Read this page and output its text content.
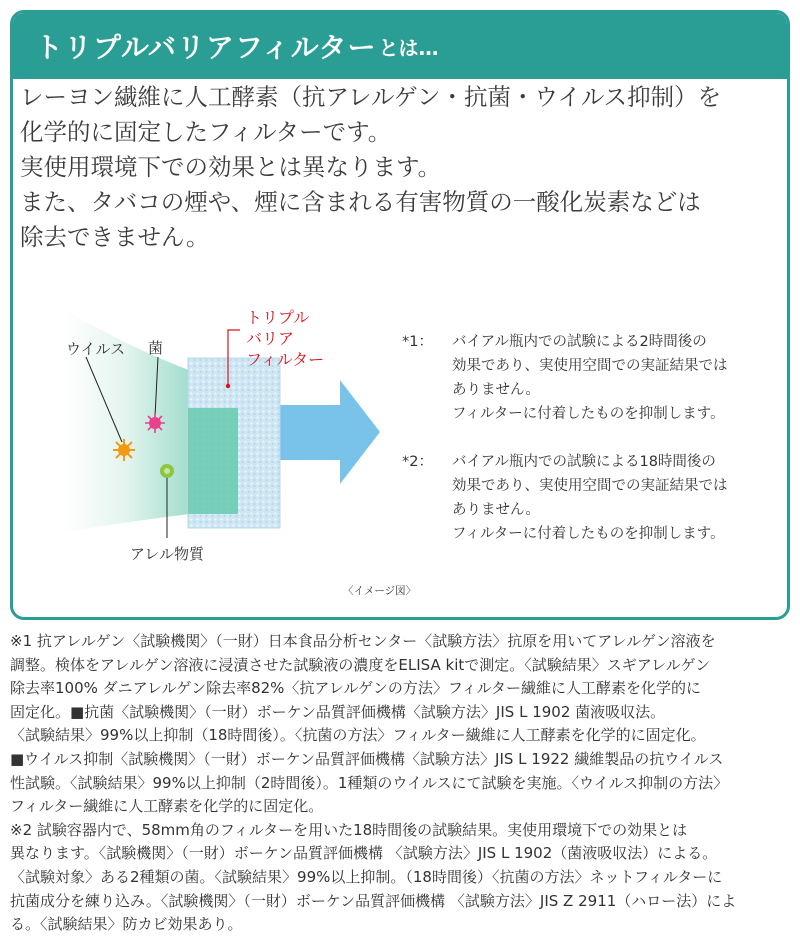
トリプルバリアフィルター とは…
レーヨン繊維に人工酵素（抗アレルゲン・抗菌・ウイルス抑制）を
化学的に固定したフィルターです。
実使用環境下での効果とは異なります。
また、タバコの煙や、煙に含まれる有害物質の一酸化炭素などは
除去できません。
ウイルス 菌
アレル物質
トリプル
バリア
フィルター
*1：	バイアル瓶内での試験による2時間後の
効果であり、実使用空間での実証結果では
ありません。
フィルターに付着したものを抑制します。
*2：	バイアル瓶内での試験による18時間後の
効果であり、実使用空間での実証結果では
ありません。
フィルターに付着したものを抑制します。
〈イメージ図〉
※1 抗アレルゲン〈試験機関〉（一財）日本食品分析センター〈試験方法〉抗原を用いてアレルゲン溶液を
調整。検体をアレルゲン溶液に浸漬させた試験液の濃度をELISA kitで測定。〈試験結果〉スギアレルゲン
除去率100% ダニアレルゲン除去率82%〈抗アレルゲンの方法〉フィルター繊維に人工酵素を化学的に
固定化。■抗菌〈試験機関〉（一財）ボーケン品質評価機構〈試験方法〉JIS L 1902 菌液吸収法。
〈試験結果〉99%以上抑制（18時間後）。〈抗菌の方法〉フィルター繊維に人工酵素を化学的に固定化。
■ウイルス抑制〈試験機関〉（一財）ボーケン品質評価機構〈試験方法〉JIS L 1922 繊維製品の抗ウイルス
性試験。〈試験結果〉99%以上抑制（2時間後）。1種類のウイルスにて試験を実施。〈ウイルス抑制の方法〉
フィルター繊維に人工酵素を化学的に固定化。
※2 試験容器内で、58mm角のフィルターを用いた18時間後の試験結果。実使用環境下での効果とは
異なります。〈試験機関〉（一財）ボーケン品質評価機構 〈試験方法〉JIS L 1902（菌液吸収法）による。
〈試験対象〉ある2種類の菌。〈試験結果〉99%以上抑制。（18時間後）〈抗菌の方法〉ネットフィルターに
抗菌成分を練り込み。〈試験機関〉（一財）ボーケン品質評価機構 〈試験方法〉JIS Z 2911（ハロー法）によ
る。〈試験結果〉防カビ効果あり。
